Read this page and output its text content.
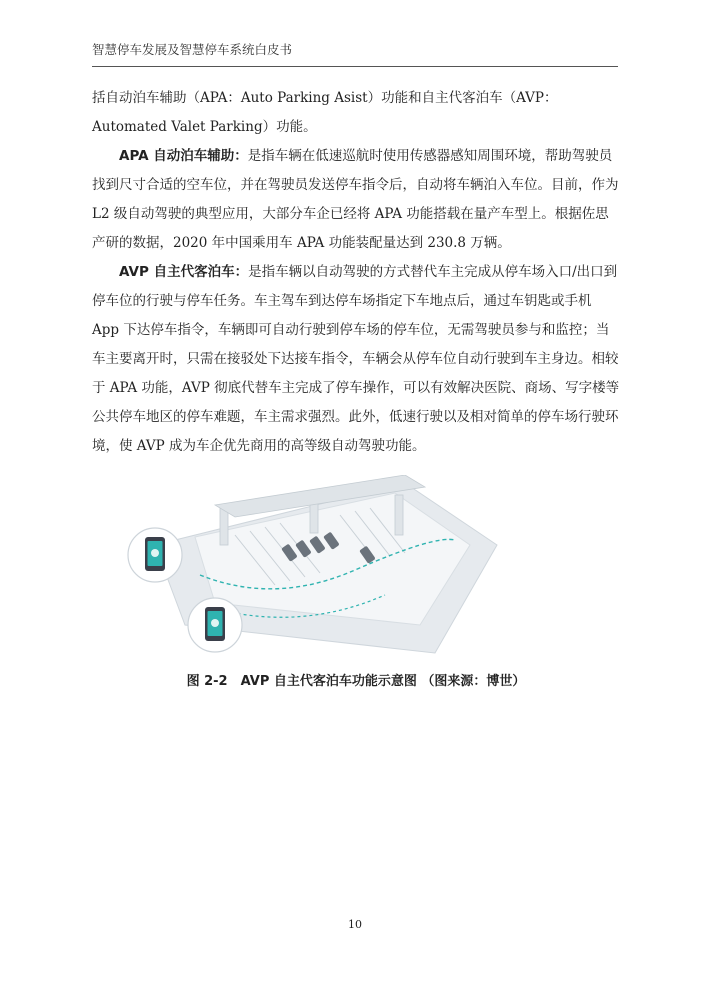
智慧停车发展及智慧停车系统白皮书
括自动泊车辅助（APA：Auto Parking Asist）功能和自主代客泊车（AVP：Automated Valet Parking）功能。
APA 自动泊车辅助：是指车辆在低速巡航时使用传感器感知周围环境，帮助驾驶员找到尺寸合适的空车位，并在驾驶员发送停车指令后，自动将车辆泊入车位。目前，作为 L2 级自动驾驶的典型应用，大部分车企已经将 APA 功能搭载在量产车型上。根据佐思产研的数据，2020 年中国乘用车 APA 功能装配量达到 230.8 万辆。
AVP 自主代客泊车：是指车辆以自动驾驶的方式替代车主完成从停车场入口/出口到停车位的行驶与停车任务。车主驾车到达停车场指定下车地点后，通过车钥匙或手机 App 下达停车指令，车辆即可自动行驶到停车场的停车位，无需驾驶员参与和监控；当车主要离开时，只需在接驳处下达接车指令，车辆会从停车位自动行驶到车主身边。相较于 APA 功能，AVP 彻底代替车主完成了停车操作，可以有效解决医院、商场、写字楼等公共停车地区的停车难题，车主需求强烈。此外，低速行驶以及相对简单的停车场行驶环境，使 AVP 成为车企优先商用的高等级自动驾驶功能。
图 2-2　AVP 自主代客泊车功能示意图 （图来源：博世）
10
